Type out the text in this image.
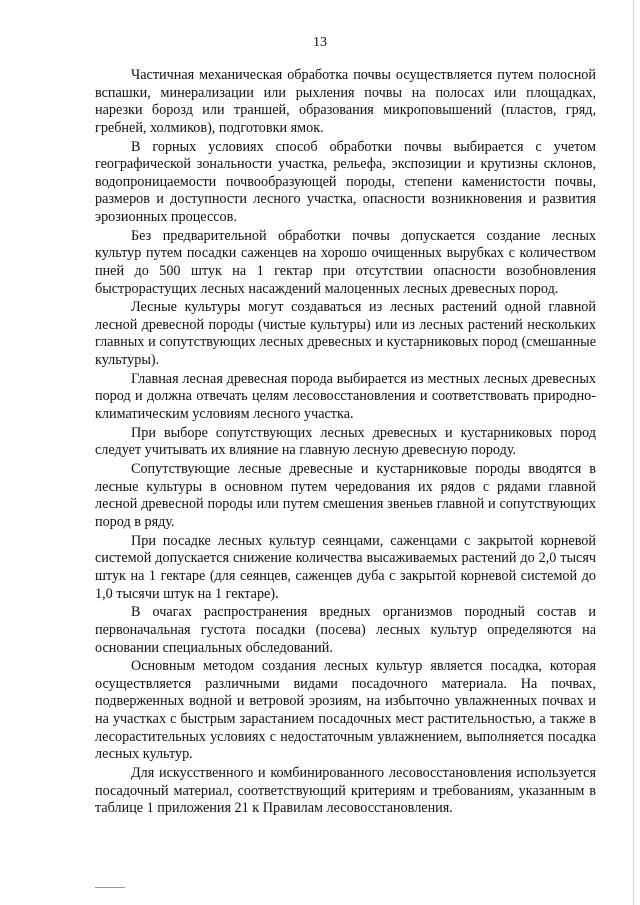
13

Частичная механическая обработка почвы осуществляется путем полосной вспашки, минерализации или рыхления почвы на полосах или площадках, нарезки борозд или траншей, образования микроповышений (пластов, гряд, гребней, холмиков), подготовки ямок.

В горных условиях способ обработки почвы выбирается с учетом географической зональности участка, рельефа, экспозиции и крутизны склонов, водопроницаемости почвообразующей породы, степени каменистости почвы, размеров и доступности лесного участка, опасности возникновения и развития эрозионных процессов.

Без предварительной обработки почвы допускается создание лесных культур путем посадки саженцев на хорошо очищенных вырубках с количеством пней до 500 штук на 1 гектар при отсутствии опасности возобновления быстрорастущих лесных насаждений малоценных лесных древесных пород.

Лесные культуры могут создаваться из лесных растений одной главной лесной древесной породы (чистые культуры) или из лесных растений нескольких главных и сопутствующих лесных древесных и кустарниковых пород (смешанные культуры).

Главная лесная древесная порода выбирается из местных лесных древесных пород и должна отвечать целям лесовосстановления и соответствовать природно-климатическим условиям лесного участка.

При выборе сопутствующих лесных древесных и кустарниковых пород следует учитывать их влияние на главную лесную древесную породу.

Сопутствующие лесные древесные и кустарниковые породы вводятся в лесные культуры в основном путем чередования их рядов с рядами главной лесной древесной породы или путем смешения звеньев главной и сопутствующих пород в ряду.

При посадке лесных культур сеянцами, саженцами с закрытой корневой системой допускается снижение количества высаживаемых растений до 2,0 тысяч штук на 1 гектаре (для сеянцев, саженцев дуба с закрытой корневой системой до 1,0 тысячи штук на 1 гектаре).

В очагах распространения вредных организмов породный состав и первоначальная густота посадки (посева) лесных культур определяются на основании специальных обследований.

Основным методом создания лесных культур является посадка, которая осуществляется различными видами посадочного материала. На почвах, подверженных водной и ветровой эрозиям, на избыточно увлажненных почвах и на участках с быстрым зарастанием посадочных мест растительностью, а также в лесорастительных условиях с недостаточным увлажнением, выполняется посадка лесных культур.

Для искусственного и комбинированного лесовосстановления используется посадочный материал, соответствующий критериям и требованиям, указанным в таблице 1 приложения 21 к Правилам лесовосстановления.
